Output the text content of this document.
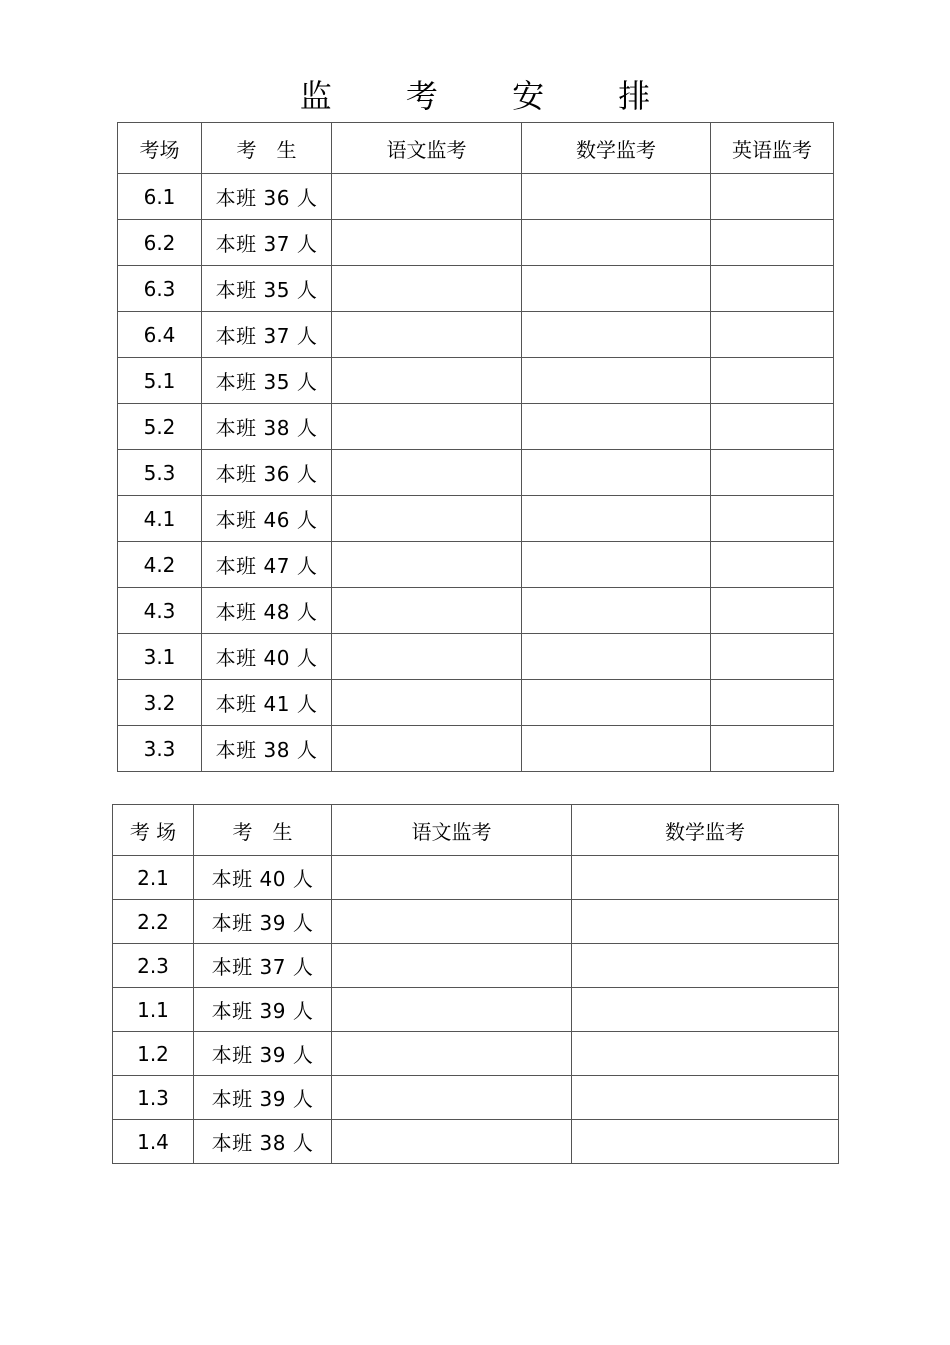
监 考 安 排
考场	考　生	语文监考	数学监考	英语监考
6.1	本班 36 人			
6.2	本班 37 人			
6.3	本班 35 人			
6.4	本班 37 人			
5.1	本班 35 人			
5.2	本班 38 人			
5.3	本班 36 人			
4.1	本班 46 人			
4.2	本班 47 人			
4.3	本班 48 人			
3.1	本班 40 人			
3.2	本班 41 人			
3.3	本班 38 人			
考 场	考　生	语文监考	数学监考
2.1	本班 40 人		
2.2	本班 39 人		
2.3	本班 37 人		
1.1	本班 39 人		
1.2	本班 39 人		
1.3	本班 39 人		
1.4	本班 38 人		
